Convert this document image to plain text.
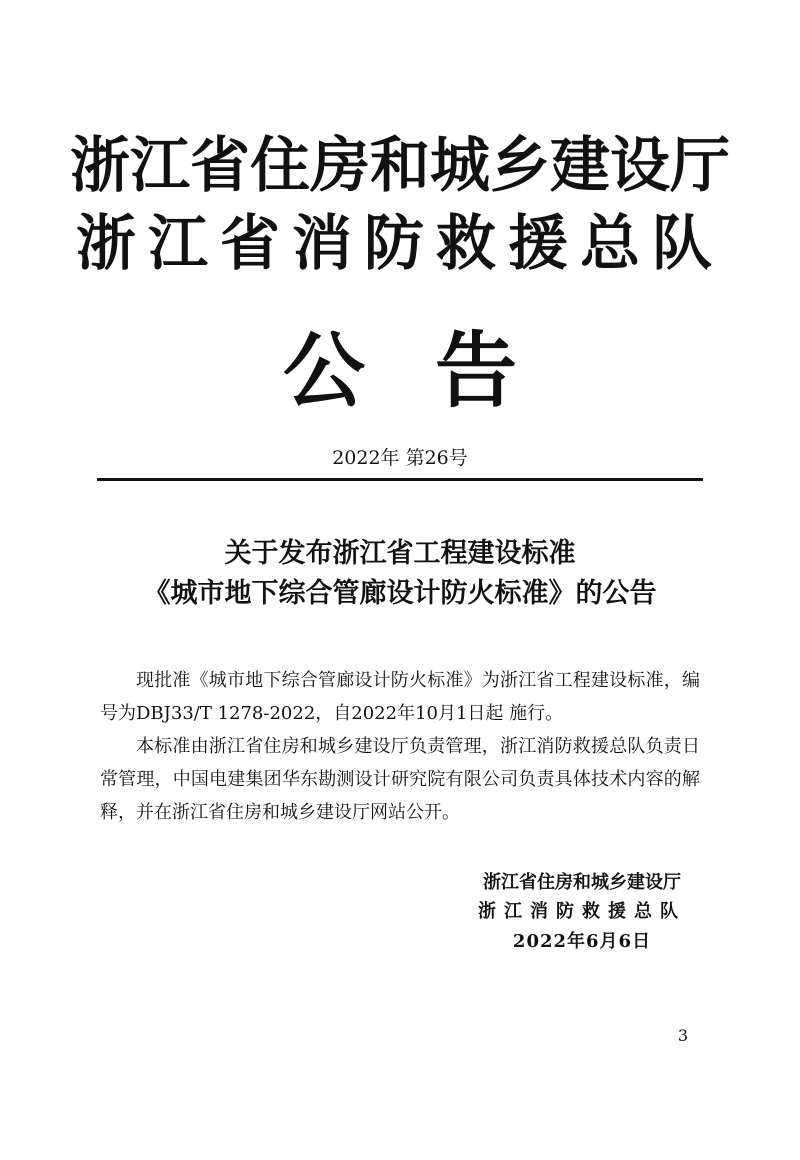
浙江省住房和城乡建设厅
浙江省消防救援总队
公告
2022年 第26号
关于发布浙江省工程建设标准
《城市地下综合管廊设计防火标准》的公告

现批准《城市地下综合管廊设计防火标准》为浙江省工程建设标准，编号为DBJ33/T 1278-2022，自2022年10月1日起 施行。

本标准由浙江省住房和城乡建设厅负责管理，浙江消防救援总队负责日常管理，中国电建集团华东勘测设计研究院有限公司负责具体技术内容的解释，并在浙江省住房和城乡建设厅网站公开。

浙江省住房和城乡建设厅
浙江消防救援总队
2022年6月6日
3
